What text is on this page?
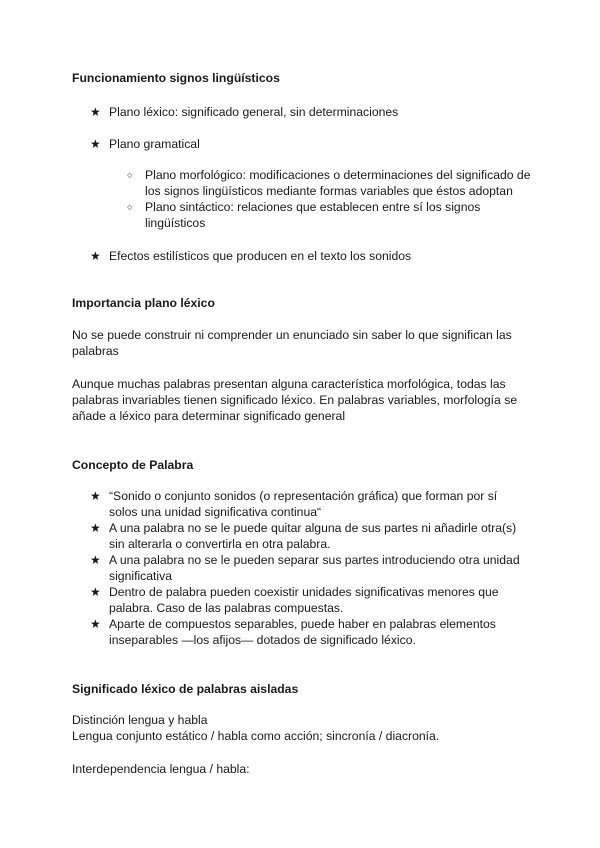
Funcionamiento signos lingüísticos

★ Plano léxico: significado general, sin determinaciones

★ Plano gramatical

○ Plano morfológico: modificaciones o determinaciones del significado de los signos lingüísticos mediante formas variables que éstos adoptan

○ Plano sintáctico: relaciones que establecen entre sí los signos lingüísticos

★ Efectos estilísticos que producen en el texto los sonidos

Importancia plano léxico

No se puede construir ni comprender un enunciado sin saber lo que significan las palabras

Aunque muchas palabras presentan alguna característica morfológica, todas las palabras invariables tienen significado léxico. En palabras variables, morfología se añade a léxico para determinar significado general

Concepto de Palabra

★ “Sonido o conjunto sonidos (o representación gráfica) que forman por sí solos una unidad significativa continua“

★ A una palabra no se le puede quitar alguna de sus partes ni añadirle otra(s) sin alterarla o convertirla en otra palabra.

★ A una palabra no se le pueden separar sus partes introduciendo otra unidad significativa

★ Dentro de palabra pueden coexistir unidades significativas menores que palabra. Caso de las palabras compuestas.

★ Aparte de compuestos separables, puede haber en palabras elementos inseparables —los afijos— dotados de significado léxico.

Significado léxico de palabras aisladas

Distinción lengua y habla

Lengua conjunto estático / habla como acción; sincronía / diacronía.

Interdependencia lengua / habla:
